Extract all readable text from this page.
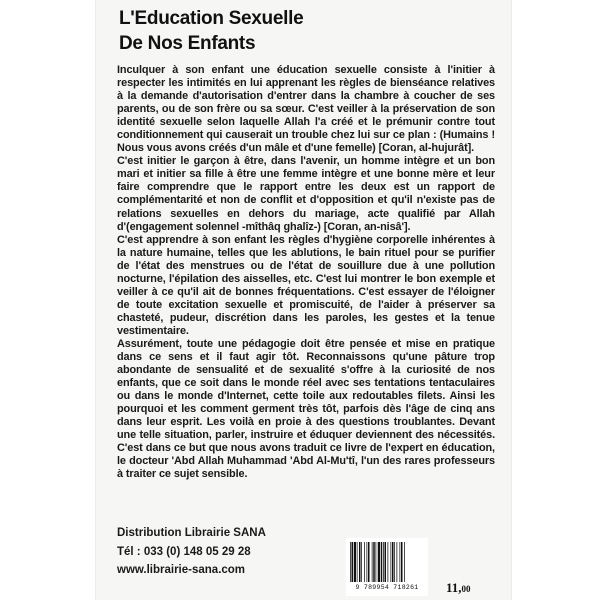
L'Education Sexuelle
De Nos Enfants

Inculquer à son enfant une éducation sexuelle consiste à l'initier à respecter les intimités en lui apprenant les règles de bienséance relatives à la demande d'autorisation d'entrer dans la chambre à coucher de ses parents, ou de son frère ou sa sœur. C'est veiller à la préservation de son identité sexuelle selon laquelle Allah l'a créé et le prémunir contre tout conditionnement qui causerait un trouble chez lui sur ce plan : (Humains ! Nous vous avons créés d'un mâle et d'une femelle) [Coran, al-hujurât].

C'est initier le garçon à être, dans l'avenir, un homme intègre et un bon mari et initier sa fille à être une femme intègre et une bonne mère et leur faire comprendre que le rapport entre les deux est un rapport de complémentarité et non de conflit et d'opposition et qu'il n'existe pas de relations sexuelles en dehors du mariage, acte qualifié par Allah d'(engagement solennel -mîthâq ghalîz-) [Coran, an-nisâ'].

C'est apprendre à son enfant les règles d'hygiène corporelle inhérentes à la nature humaine, telles que les ablutions, le bain rituel pour se purifier de l'état des menstrues ou de l'état de souillure due à une pollution nocturne, l'épilation des aisselles, etc. C'est lui montrer le bon exemple et veiller à ce qu'il ait de bonnes fréquentations. C'est essayer de l'éloigner de toute excitation sexuelle et promiscuité, de l'aider à préserver sa chasteté, pudeur, discrétion dans les paroles, les gestes et la tenue vestimentaire.

Assurément, toute une pédagogie doit être pensée et mise en pratique dans ce sens et il faut agir tôt. Reconnaissons qu'une pâture trop abondante de sensualité et de sexualité s'offre à la curiosité de nos enfants, que ce soit dans le monde réel avec ses tentations tentaculaires ou dans le monde d'Internet, cette toile aux redoutables filets. Ainsi les pourquoi et les comment germent très tôt, parfois dès l'âge de cinq ans dans leur esprit. Les voilà en proie à des questions troublantes. Devant une telle situation, parler, instruire et éduquer deviennent des nécessités. C'est dans ce but que nous avons traduit ce livre de l'expert en éducation, le docteur 'Abd Allah Muhammad 'Abd Al-Mu'tî, l'un des rares professeurs à traiter ce sujet sensible.

Distribution Librairie SANA
Tél : 033 (0) 148 05 29 28
www.librairie-sana.com
9 789954 718261	11,00
